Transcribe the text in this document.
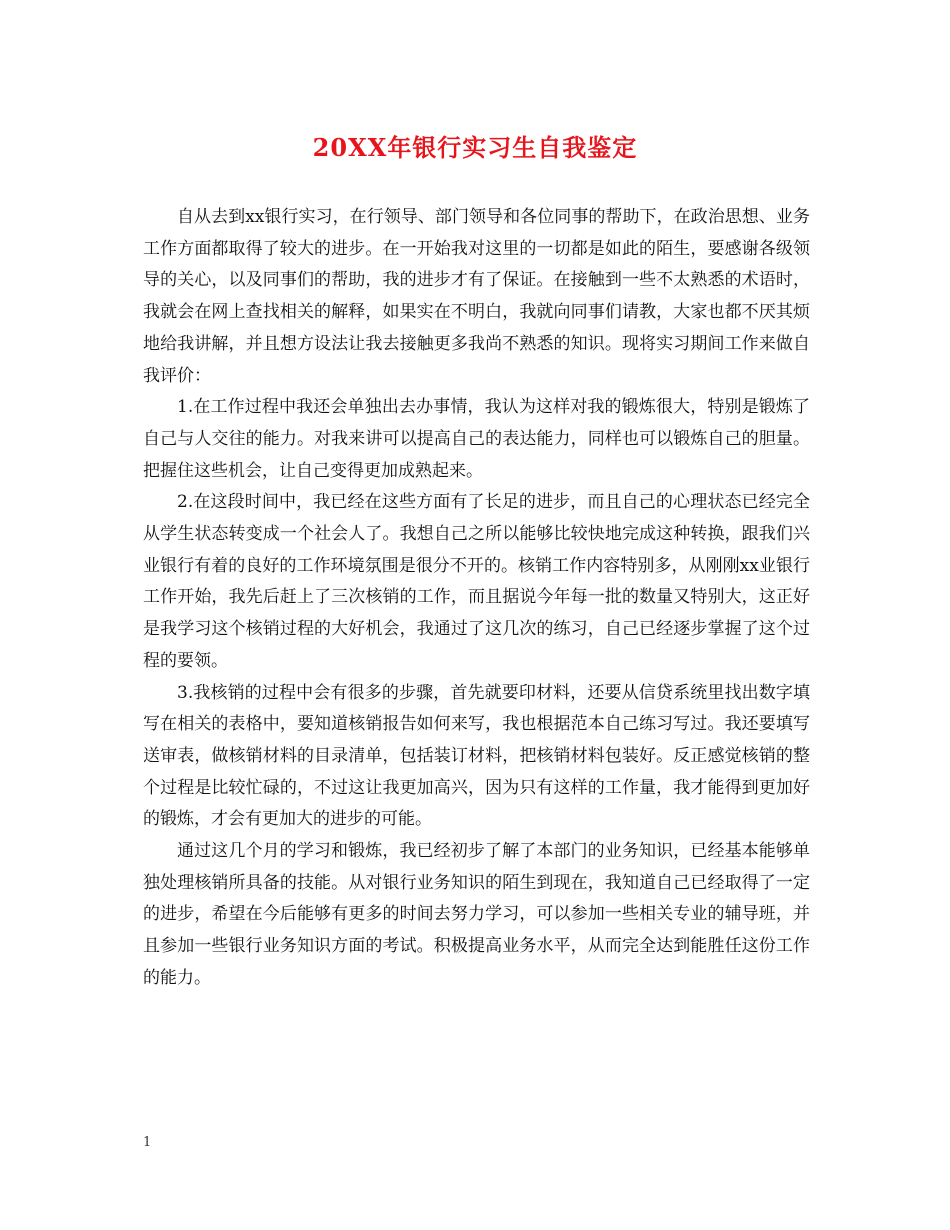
20XX年银行实习生自我鉴定

自从去到xx银行实习，在行领导、部门领导和各位同事的帮助下，在政治思想、业务工作方面都取得了较大的进步。在一开始我对这里的一切都是如此的陌生，要感谢各级领导的关心，以及同事们的帮助，我的进步才有了保证。在接触到一些不太熟悉的术语时，我就会在网上查找相关的解释，如果实在不明白，我就向同事们请教，大家也都不厌其烦地给我讲解，并且想方设法让我去接触更多我尚不熟悉的知识。现将实习期间工作来做自我评价：

1.在工作过程中我还会单独出去办事情，我认为这样对我的锻炼很大，特别是锻炼了自己与人交往的能力。对我来讲可以提高自己的表达能力，同样也可以锻炼自己的胆量。把握住这些机会，让自己变得更加成熟起来。

2.在这段时间中，我已经在这些方面有了长足的进步，而且自己的心理状态已经完全从学生状态转变成一个社会人了。我想自己之所以能够比较快地完成这种转换，跟我们兴业银行有着的良好的工作环境氛围是很分不开的。核销工作内容特别多，从刚刚xx业银行工作开始，我先后赶上了三次核销的工作，而且据说今年每一批的数量又特别大，这正好是我学习这个核销过程的大好机会，我通过了这几次的练习，自己已经逐步掌握了这个过程的要领。

3.我核销的过程中会有很多的步骤，首先就要印材料，还要从信贷系统里找出数字填写在相关的表格中，要知道核销报告如何来写，我也根据范本自己练习写过。我还要填写送审表，做核销材料的目录清单，包括装订材料，把核销材料包装好。反正感觉核销的整个过程是比较忙碌的，不过这让我更加高兴，因为只有这样的工作量，我才能得到更加好的锻炼，才会有更加大的进步的可能。

通过这几个月的学习和锻炼，我已经初步了解了本部门的业务知识，已经基本能够单独处理核销所具备的技能。从对银行业务知识的陌生到现在，我知道自己已经取得了一定的进步，希望在今后能够有更多的时间去努力学习，可以参加一些相关专业的辅导班，并且参加一些银行业务知识方面的考试。积极提高业务水平，从而完全达到能胜任这份工作的能力。

1
